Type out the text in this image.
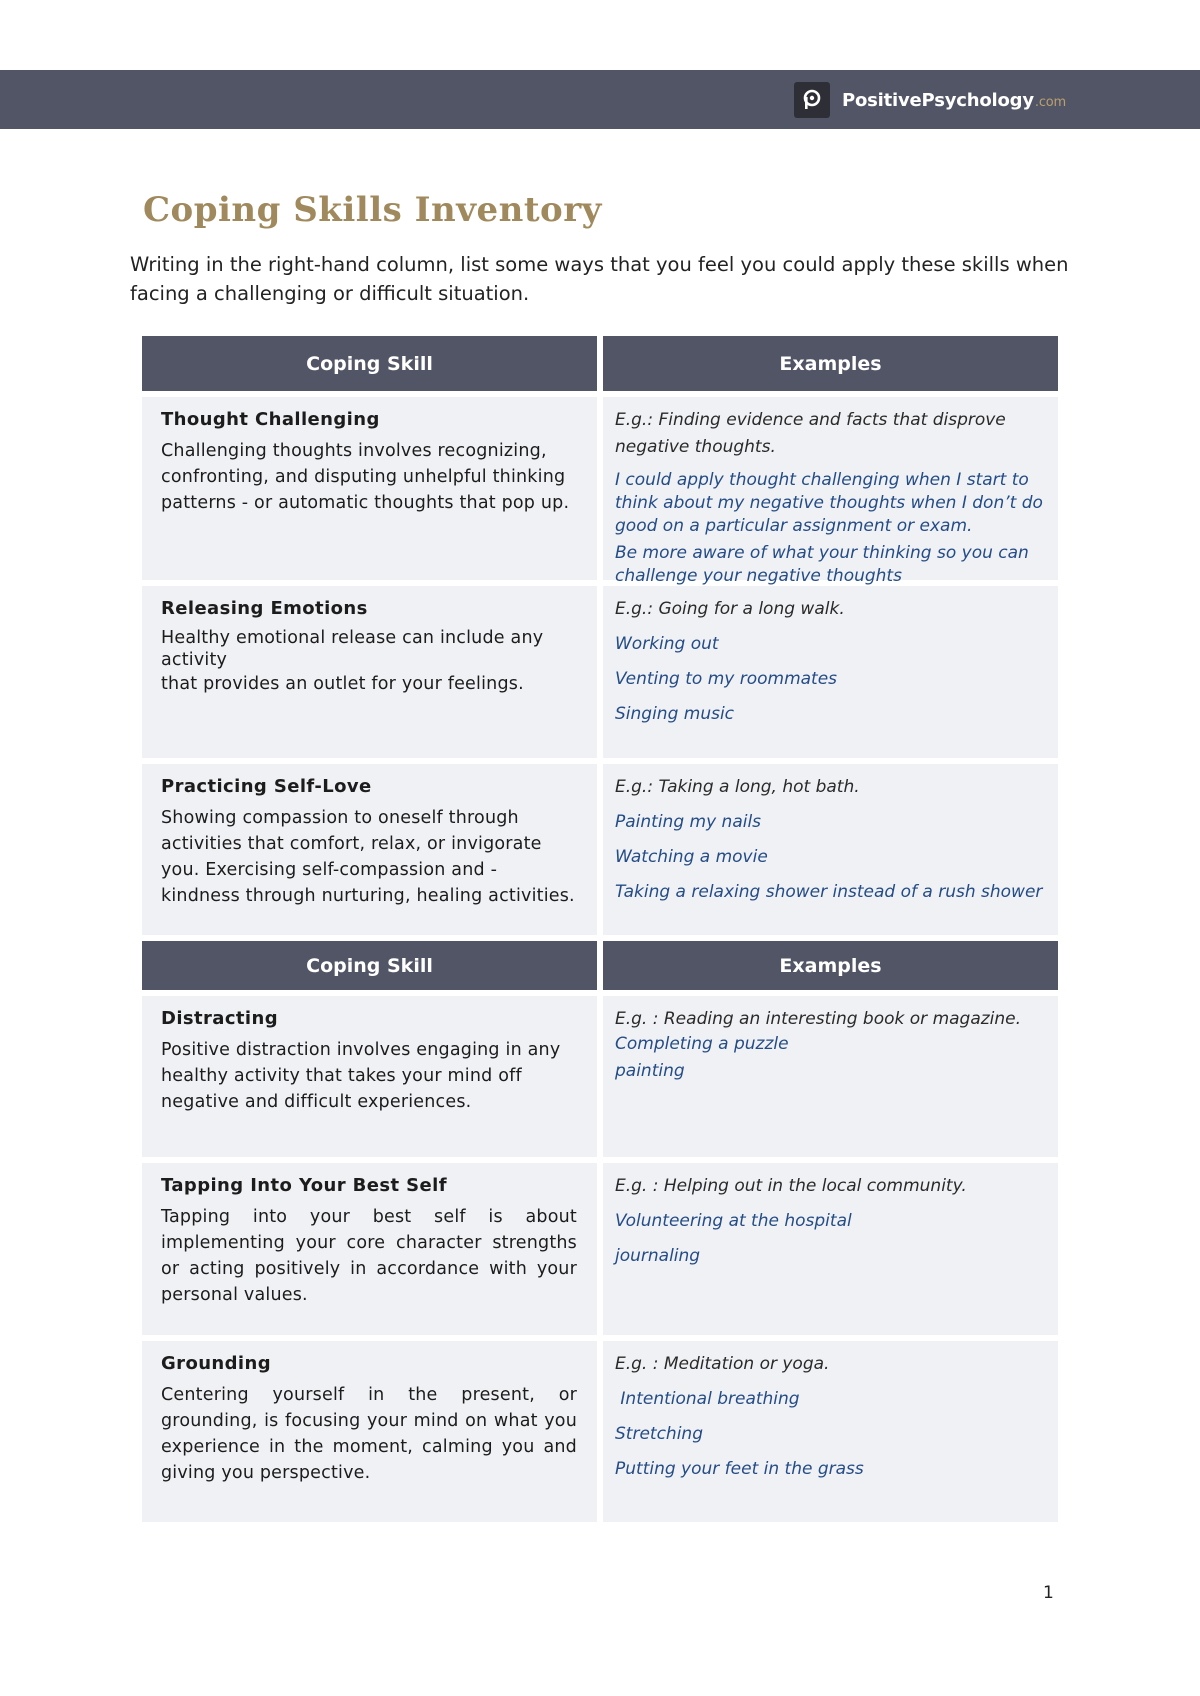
PositivePsychology.com
Coping Skills Inventory

Writing in the right-hand column, list some ways that you feel you could apply these skills when facing a challenging or difficult situation.

Coping Skill	Examples
Thought Challenging
Challenging thoughts involves recognizing, confronting, and disputing unhelpful thinking patterns - or automatic thoughts that pop up.
E.g.: Finding evidence and facts that disprove negative thoughts.
I could apply thought challenging when I start to think about my negative thoughts when I don’t do good on a particular assignment or exam.
Be more aware of what your thinking so you can challenge your negative thoughts
Releasing Emotions
Healthy emotional release can include any activity
that provides an outlet for your feelings.
E.g.: Going for a long walk.
Working out
Venting to my roommates
Singing music
Practicing Self-Love
Showing compassion to oneself through activities that comfort, relax, or invigorate you. Exercising self-compassion and -kindness through nurturing, healing activities.
E.g.: Taking a long, hot bath.
Painting my nails
Watching a movie
Taking a relaxing shower instead of a rush shower
Coping Skill	Examples
Distracting
Positive distraction involves engaging in any healthy activity that takes your mind off negative and difficult experiences.
E.g. : Reading an interesting book or magazine.
Completing a puzzle
painting
Tapping Into Your Best Self
Tapping into your best self is about implementing your core character strengths or acting positively in accordance with your personal values.
E.g. : Helping out in the local community.
Volunteering at the hospital
journaling
Grounding
Centering yourself in the present, or grounding, is focusing your mind on what you experience in the moment, calming you and giving you perspective.
E.g. : Meditation or yoga.
Intentional breathing
Stretching
Putting your feet in the grass
1
